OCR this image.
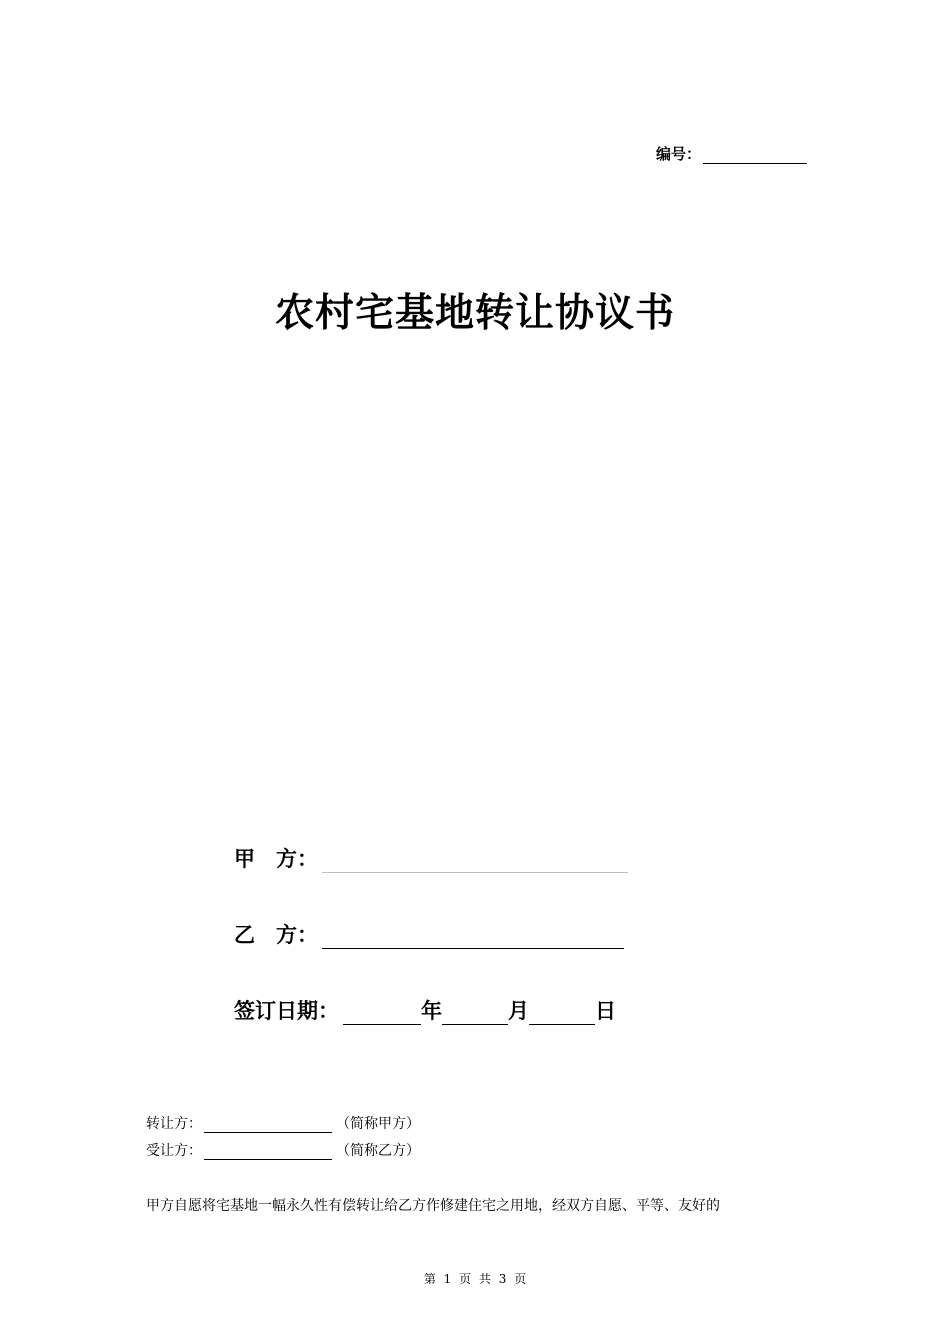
编号：
农村宅基地转让协议书
甲　方：
乙　方：
签订日期：	年	月	日
转让方：	（简称甲方）
受让方：	（简称乙方）
甲方自愿将宅基地一幅永久性有偿转让给乙方作修建住宅之用地，经双方自愿、平等、友好的
第 1 页 共 3 页
